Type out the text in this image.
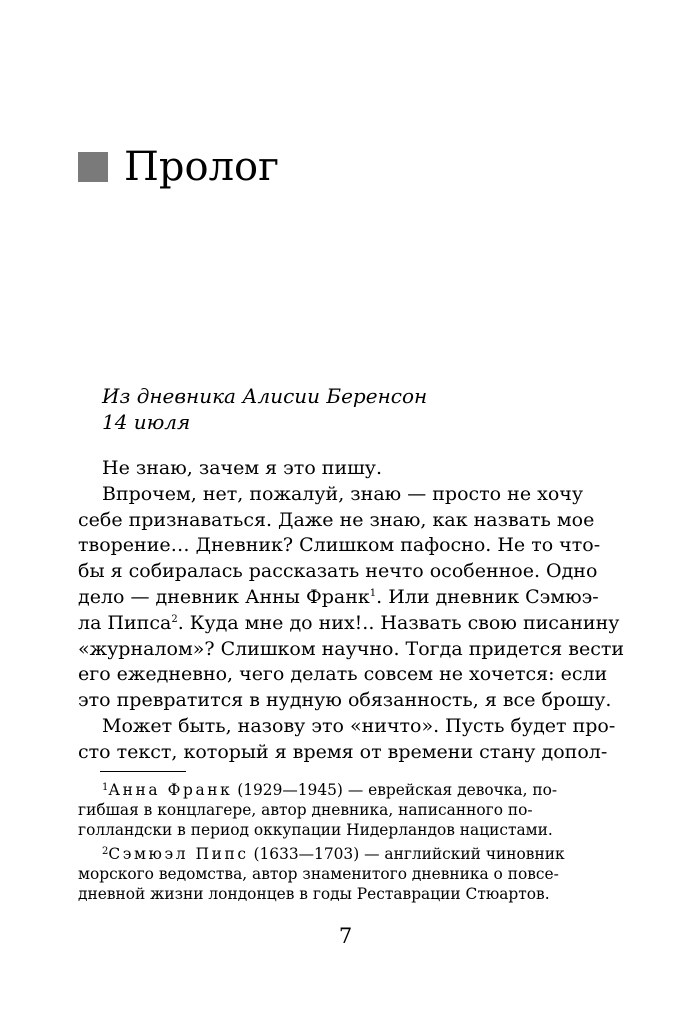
Пролог
Из дневника Алисии Беренсон
14 июля

Не знаю, зачем я это пишу.

Впрочем, нет, пожалуй, знаю — просто не хочу
себе признаваться. Даже не знаю, как назвать мое
творение… Дневник? Слишком пафосно. Не то что-
бы я собиралась рассказать нечто особенное. Одно
дело — дневник Анны Франк$^1$. Или дневник Сэмюэ-
ла Пипса$^2$. Куда мне до них!.. Назвать свою писанину
«журналом»? Слишком научно. Тогда придется вести
его ежедневно, чего делать совсем не хочется: если
это превратится в нудную обязанность, я все брошу.
Может быть, назову это «ничто». Пусть будет про-
сто текст, который я время от времени стану допол-
$^1$Анна Франк (1929—1945) — еврейская девочка, по-
гибшая в концлагере, автор дневника, написанного по-
голландски в период оккупации Нидерландов нацистами.
$^2$Сэмюэл Пипс (1633—1703) — английский чиновник
морского ведомства, автор знаменитого дневника о повсе-
дневной жизни лондонцев в годы Реставрации Стюартов.
7
